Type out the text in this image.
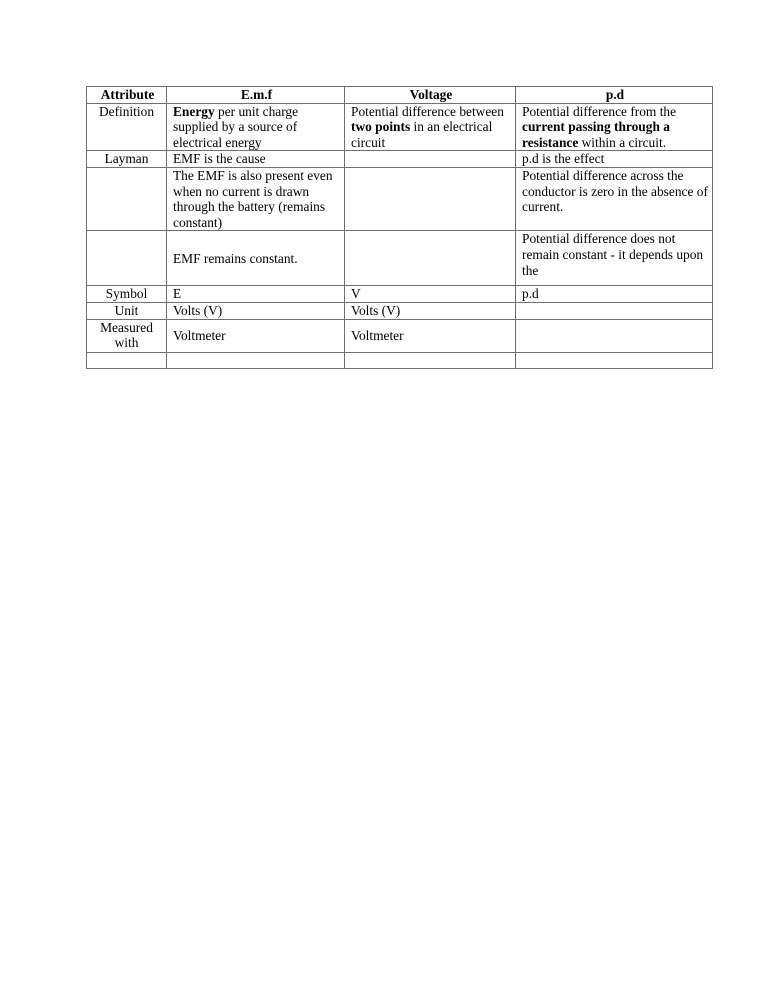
Attribute	E.m.f	Voltage	p.d
Definition	Energy per unit charge supplied by a source of electrical energy	Potential difference between two points in an electrical circuit	Potential difference from the current passing through a resistance within a circuit.
Layman	EMF is the cause		p.d is the effect
	The EMF is also present even when no current is drawn through the battery (remains constant)		Potential difference across the conductor is zero in the absence of current.
	EMF remains constant.		Potential difference does not remain constant - it depends upon the
Symbol	E	V	p.d
Unit	Volts (V)	Volts (V)	
Measured with	Voltmeter	Voltmeter	
